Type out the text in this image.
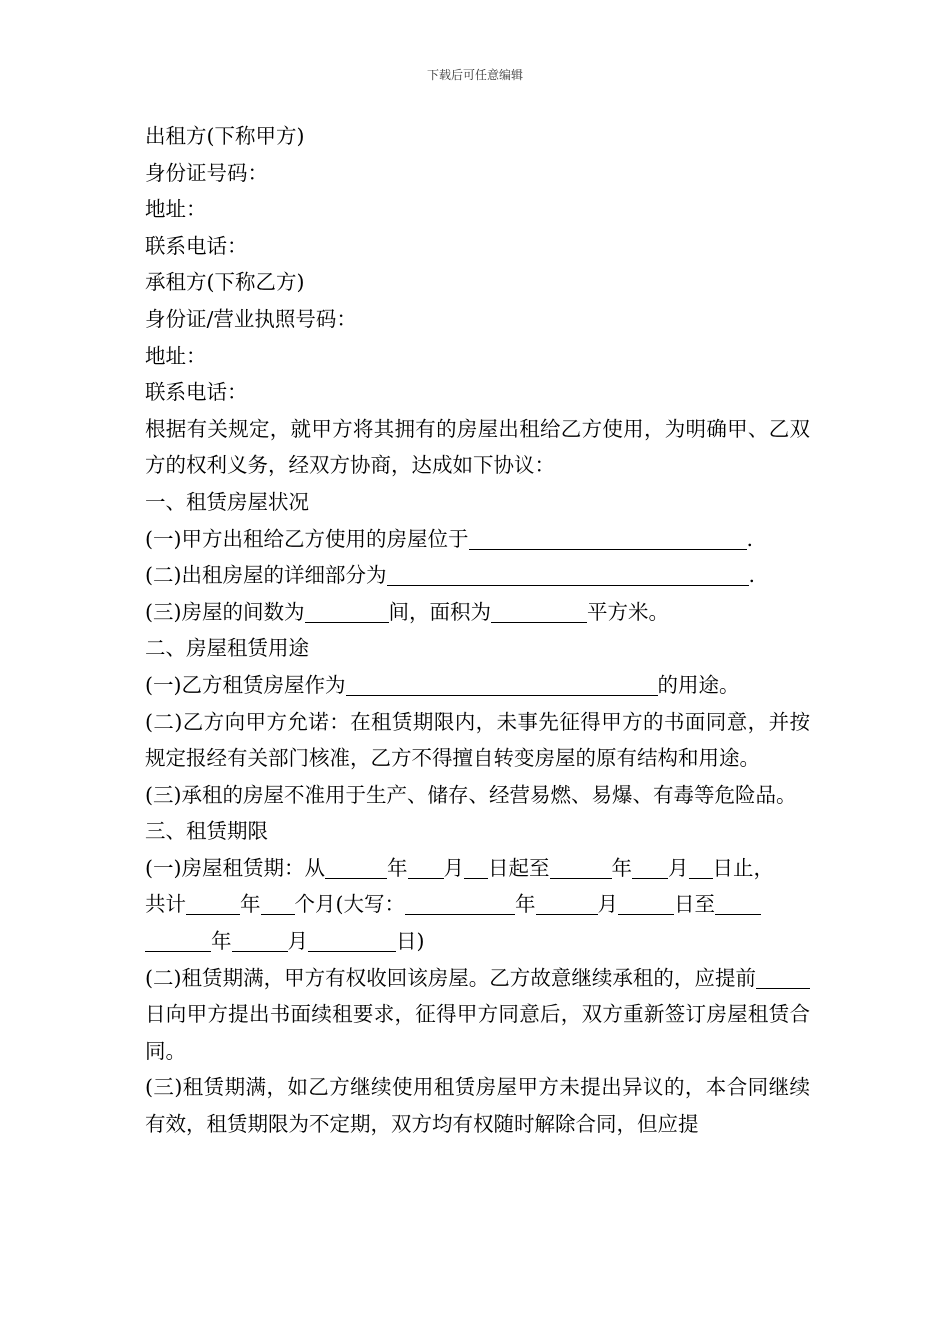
下载后可任意编辑

出租方(下称甲方)

身份证号码：

地址：

联系电话：

承租方(下称乙方)

身份证/营业执照号码：

地址：

联系电话：

根据有关规定，就甲方将其拥有的房屋出租给乙方使用，为明确甲、乙双方的权利义务，经双方协商，达成如下协议：

一、租赁房屋状况

(一)甲方出租给乙方使用的房屋位于	.

(二)出租房屋的详细部分为	.

(三)房屋的间数为	间，面积为	平方米。

二、房屋租赁用途

(一)乙方租赁房屋作为	的用途。

(二)乙方向甲方允诺：在租赁期限内，未事先征得甲方的书面同意，并按规定报经有关部门核准，乙方不得擅自转变房屋的原有结构和用途。

(三)承租的房屋不准用于生产、储存、经营易燃、易爆、有毒等危险品。

三、租赁期限

(一)房屋租赁期：从	年 月 日起至	年 月 日止，

共计	年 个月(大写：	年	月	日至

年	月	日)

(二)租赁期满，甲方有权收回该房屋。乙方故意继续承租的，应提前日向甲方提出书面续租要求，征得甲方同意后，双方重新签订房屋租赁合同。

(三)租赁期满，如乙方继续使用租赁房屋甲方未提出异议的，本合同继续有效，租赁期限为不定期，双方均有权随时解除合同，但应提
